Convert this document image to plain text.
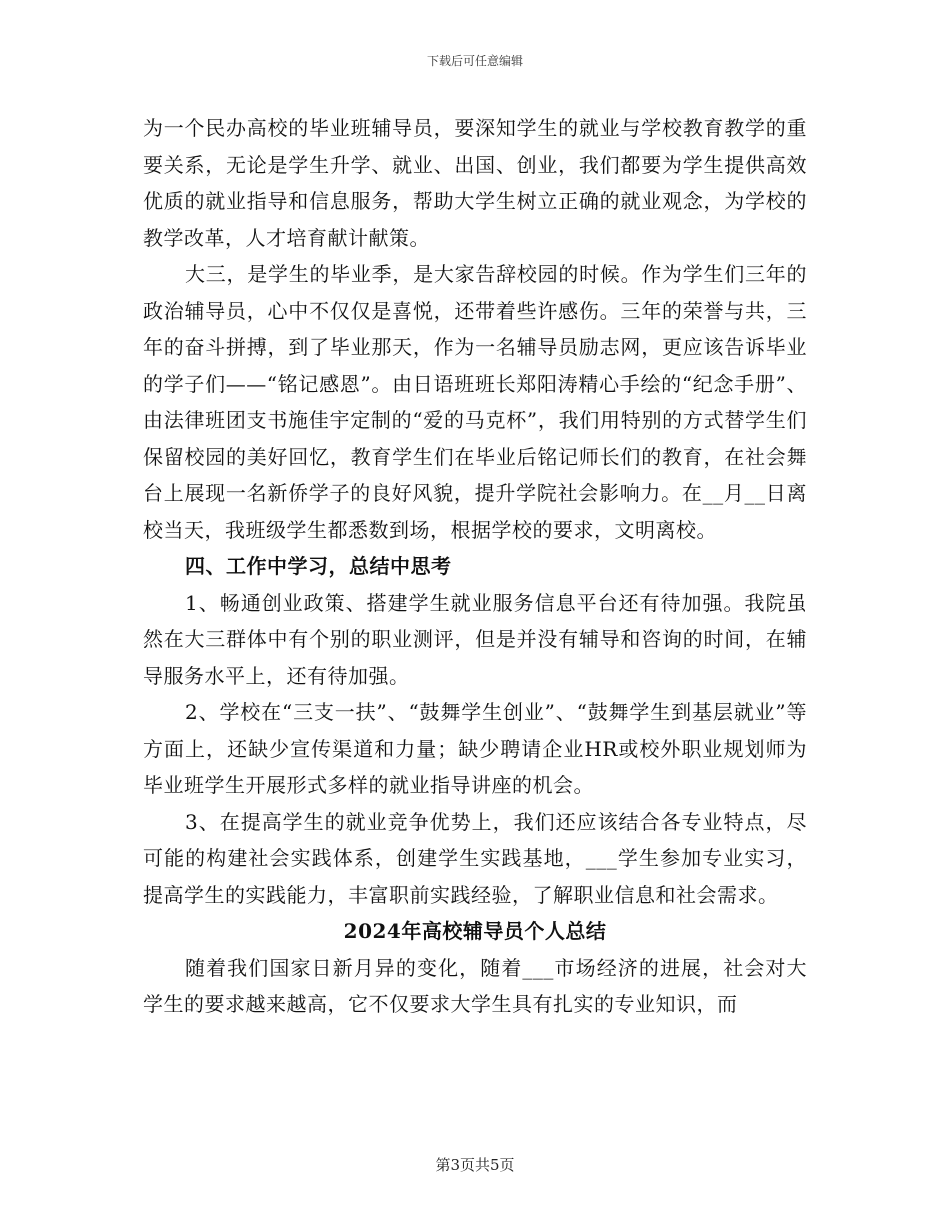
下载后可任意编辑

为一个民办高校的毕业班辅导员，要深知学生的就业与学校教育教学的重要关系，无论是学生升学、就业、出国、创业，我们都要为学生提供高效优质的就业指导和信息服务，帮助大学生树立正确的就业观念，为学校的教学改革，人才培育献计献策。

大三，是学生的毕业季，是大家告辞校园的时候。作为学生们三年的政治辅导员，心中不仅仅是喜悦，还带着些许感伤。三年的荣誉与共，三年的奋斗拼搏，到了毕业那天，作为一名辅导员励志网，更应该告诉毕业的学子们——“铭记感恩”。由日语班班长郑阳涛精心手绘的“纪念手册”、由法律班团支书施佳宇定制的“爱的马克杯”，我们用特别的方式替学生们保留校园的美好回忆，教育学生们在毕业后铭记师长们的教育，在社会舞台上展现一名新侨学子的良好风貌，提升学院社会影响力。在__月__日离校当天，我班级学生都悉数到场，根据学校的要求，文明离校。

四、工作中学习，总结中思考

1、畅通创业政策、搭建学生就业服务信息平台还有待加强。我院虽然在大三群体中有个别的职业测评，但是并没有辅导和咨询的时间，在辅导服务水平上，还有待加强。

2、学校在“三支一扶”、“鼓舞学生创业”、“鼓舞学生到基层就业”等方面上，还缺少宣传渠道和力量；缺少聘请企业HR或校外职业规划师为毕业班学生开展形式多样的就业指导讲座的机会。

3、在提高学生的就业竞争优势上，我们还应该结合各专业特点，尽可能的构建社会实践体系，创建学生实践基地，___学生参加专业实习，提高学生的实践能力，丰富职前实践经验，了解职业信息和社会需求。

2024年高校辅导员个人总结

随着我们国家日新月异的变化，随着___市场经济的进展，社会对大学生的要求越来越高，它不仅要求大学生具有扎实的专业知识，而

第3页共5页
